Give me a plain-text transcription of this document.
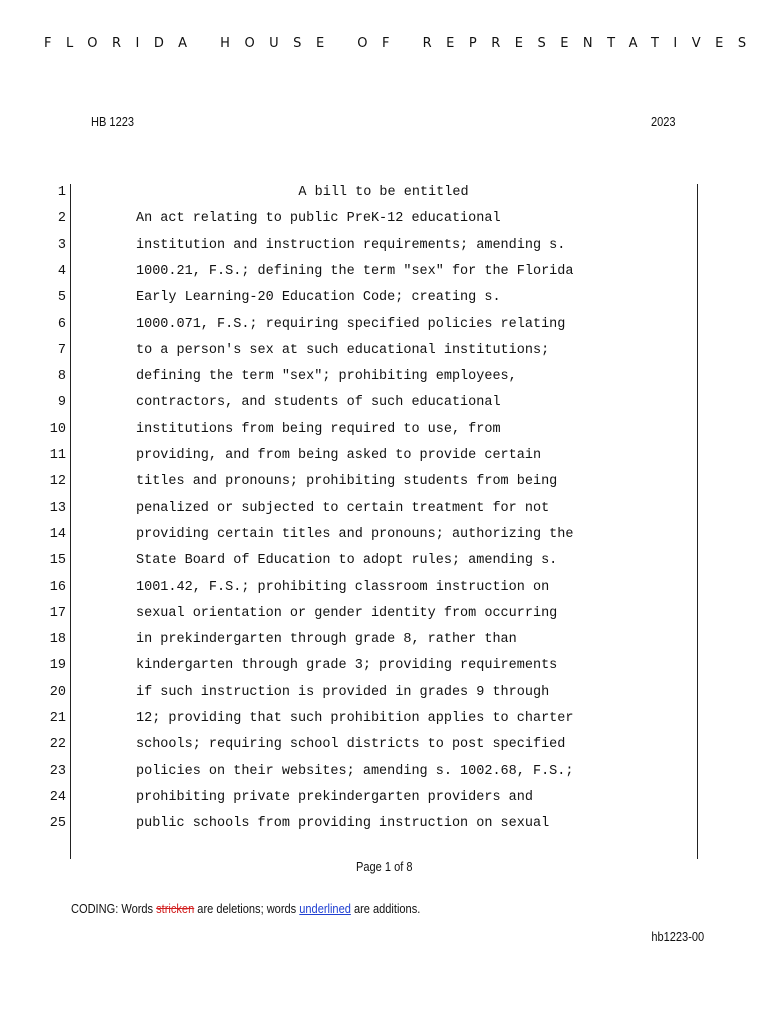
FLORIDA HOUSE OF REPRESENTATIVES
HB 1223	2023
1	A bill to be entitled
2	An act relating to public PreK-12 educational
3	institution and instruction requirements; amending s.
4	1000.21, F.S.; defining the term "sex" for the Florida
5	Early Learning-20 Education Code; creating s.
6	1000.071, F.S.; requiring specified policies relating
7	to a person's sex at such educational institutions;
8	defining the term "sex"; prohibiting employees,
9	contractors, and students of such educational
10	institutions from being required to use, from
11	providing, and from being asked to provide certain
12	titles and pronouns; prohibiting students from being
13	penalized or subjected to certain treatment for not
14	providing certain titles and pronouns; authorizing the
15	State Board of Education to adopt rules; amending s.
16	1001.42, F.S.; prohibiting classroom instruction on
17	sexual orientation or gender identity from occurring
18	in prekindergarten through grade 8, rather than
19	kindergarten through grade 3; providing requirements
20	if such instruction is provided in grades 9 through
21	12; providing that such prohibition applies to charter
22	schools; requiring school districts to post specified
23	policies on their websites; amending s. 1002.68, F.S.;
24	prohibiting private prekindergarten providers and
25	public schools from providing instruction on sexual
Page 1 of 8
CODING: Words stricken are deletions; words underlined are additions.
hb1223-00
